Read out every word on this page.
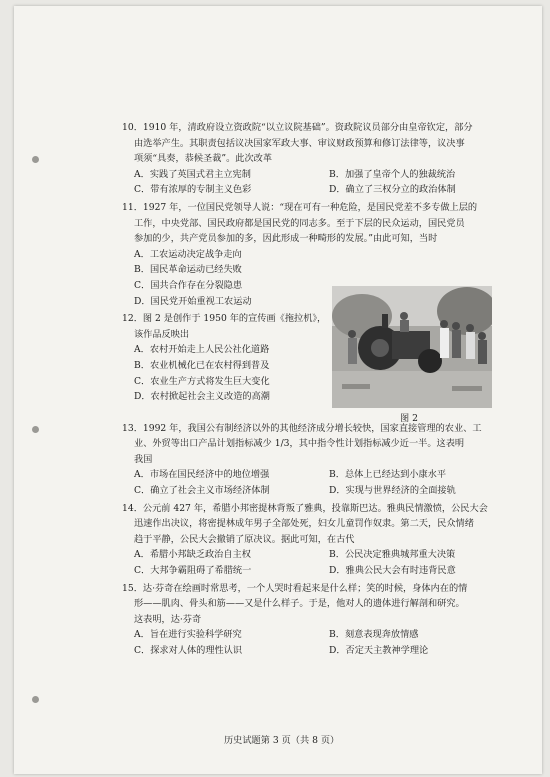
10．1910 年，清政府设立资政院“以立议院基础”。资政院议员部分由皇帝钦定，部分
由选举产生。其职责包括议决国家军政大事、审议财政预算和修订法律等，议决事
项须“具奏，恭候圣裁”。此次改革
A．实践了英国式君主立宪制	B．加强了皇帝个人的独裁统治
C．带有浓厚的专制主义色彩	D．确立了三权分立的政治体制
11．1927 年，一位国民党领导人说：“现在可有一种危险，是国民党差不多专做上层的
工作，中央党部、国民政府都是国民党的同志多。至于下层的民众运动，国民党员
参加的少，共产党员参加的多，因此形成一种畸形的发展。”由此可知，当时
A．工农运动决定战争走向
B．国民革命运动已经失败
C．国共合作存在分裂隐患
D．国民党开始重视工农运动
12．图 2 是创作于 1950 年的宣传画《拖拉机》，
该作品反映出
A．农村开始走上人民公社化道路
B．农业机械化已在农村得到普及
C．农业生产方式将发生巨大变化
D．农村掀起社会主义改造的高潮
13．1992 年，我国公有制经济以外的其他经济成分增长较快，国家直接管理的农业、工
业、外贸等出口产品计划指标减少 1/3，其中指令性计划指标减少近一半。这表明
我国
A．市场在国民经济中的地位增强	B．总体上已经达到小康水平
C．确立了社会主义市场经济体制	D．实现与世界经济的全面接轨
14．公元前 427 年，希腊小邦密提林背叛了雅典，投靠斯巴达。雅典民情激愤，公民大会
迅速作出决议，将密提林成年男子全部处死，妇女儿童罚作奴隶。第二天，民众情绪
趋于平静，公民大会撤销了原决议。据此可知，在古代
A．希腊小邦缺乏政治自主权	B．公民决定雅典城邦重大决策
C．大邦争霸阻碍了希腊统一	D．雅典公民大会有时违背民意
15．达·芬奇在绘画时常思考，一个人哭时看起来是什么样；笑的时候，身体内在的情
形——肌肉、骨头和筋——又是什么样子。于是，他对人的遗体进行解剖和研究。
这表明，达·芬奇
A．旨在进行实验科学研究	B．刻意表现奔放情感
C．探求对人体的理性认识	D．否定天主教神学理论
图 2
历史试题第 3 页（共 8 页）
